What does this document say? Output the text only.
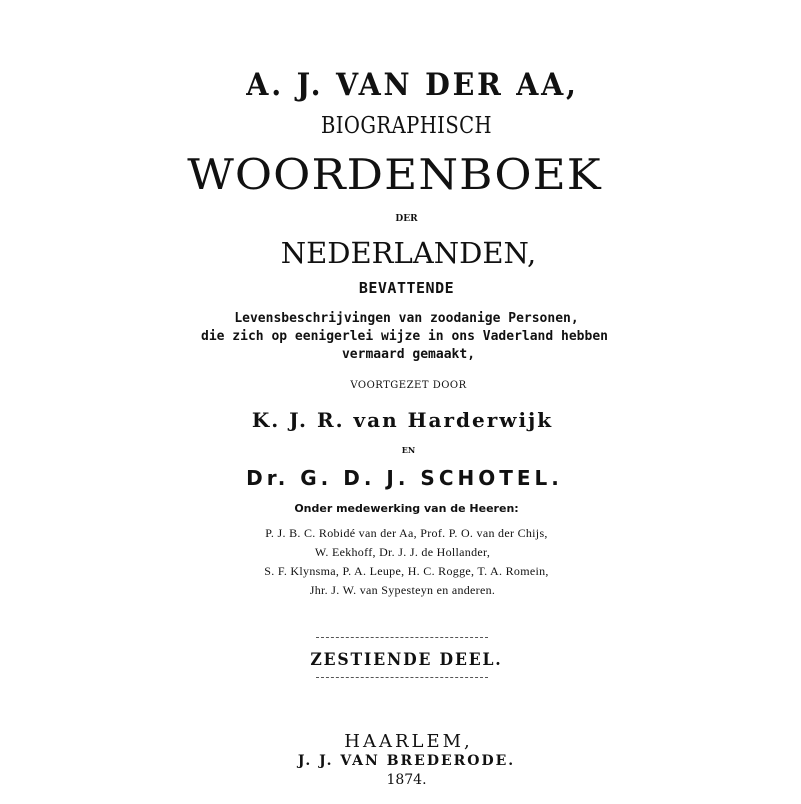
A. J. VAN DER AA,
BIOGRAPHISCH
WOORDENBOEK
DER
NEDERLANDEN,
BEVATTENDE
Levensbeschrijvingen van zoodanige Personen,
die zich op eenigerlei wijze in ons Vaderland hebben
vermaard gemaakt,
VOORTGEZET DOOR
K. J. R. van Harderwijk
EN
Dr. G. D. J. SCHOTEL.
Onder medewerking van de Heeren:
P. J. B. C. Robidé van der Aa, Prof. P. O. van der Chijs,
W. Eekhoff, Dr. J. J. de Hollander,
S. F. Klynsma, P. A. Leupe, H. C. Rogge, T. A. Romein,
Jhr. J. W. van Sypesteyn en anderen.
ZESTIENDE DEEL.
HAARLEM,
J. J. VAN BREDERODE.
1874.
